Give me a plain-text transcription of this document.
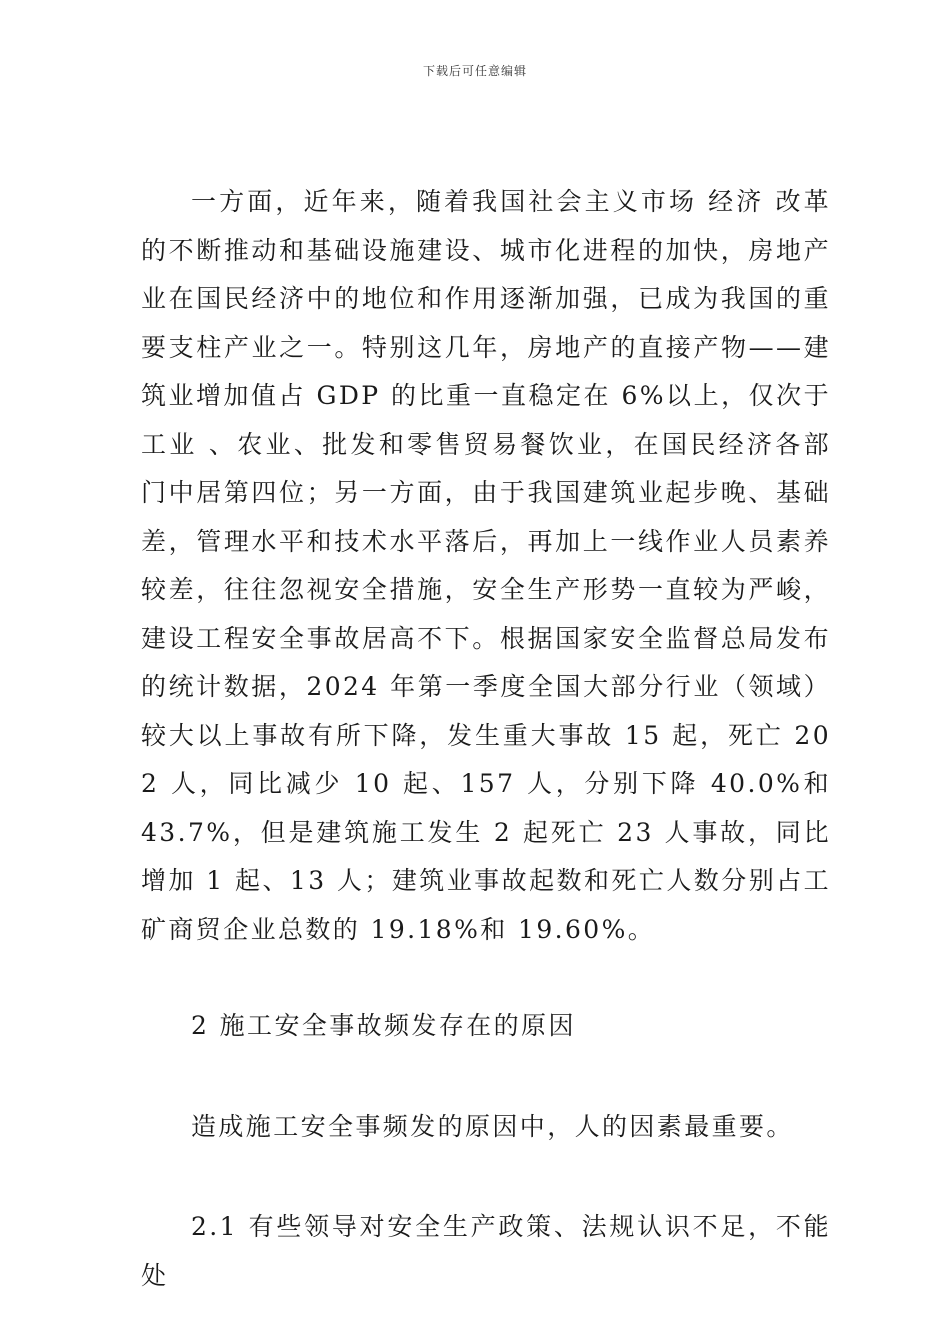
下载后可任意编辑

一方面，近年来，随着我国社会主义市场 经济 改革的不断推动和基础设施建设、城市化进程的加快，房地产业在国民经济中的地位和作用逐渐加强，已成为我国的重要支柱产业之一。特别这几年，房地产的直接产物——建筑业增加值占 GDP 的比重一直稳定在 6%以上，仅次于 工业 、农业、批发和零售贸易餐饮业，在国民经济各部门中居第四位；另一方面，由于我国建筑业起步晚、基础差，管理水平和技术水平落后，再加上一线作业人员素养较差，往往忽视安全措施，安全生产形势一直较为严峻，建设工程安全事故居高不下。根据国家安全监督总局发布的统计数据，2024 年第一季度全国大部分行业（领域）较大以上事故有所下降，发生重大事故 15 起，死亡 202 人，同比减少 10 起、157 人，分别下降 40.0%和 43.7%，但是建筑施工发生 2 起死亡 23 人事故，同比增加 1 起、13 人；建筑业事故起数和死亡人数分别占工矿商贸企业总数的 19.18%和 19.60%。

2 施工安全事故频发存在的原因

造成施工安全事频发的原因中，人的因素最重要。

2.1 有些领导对安全生产政策、法规认识不足，不能处
